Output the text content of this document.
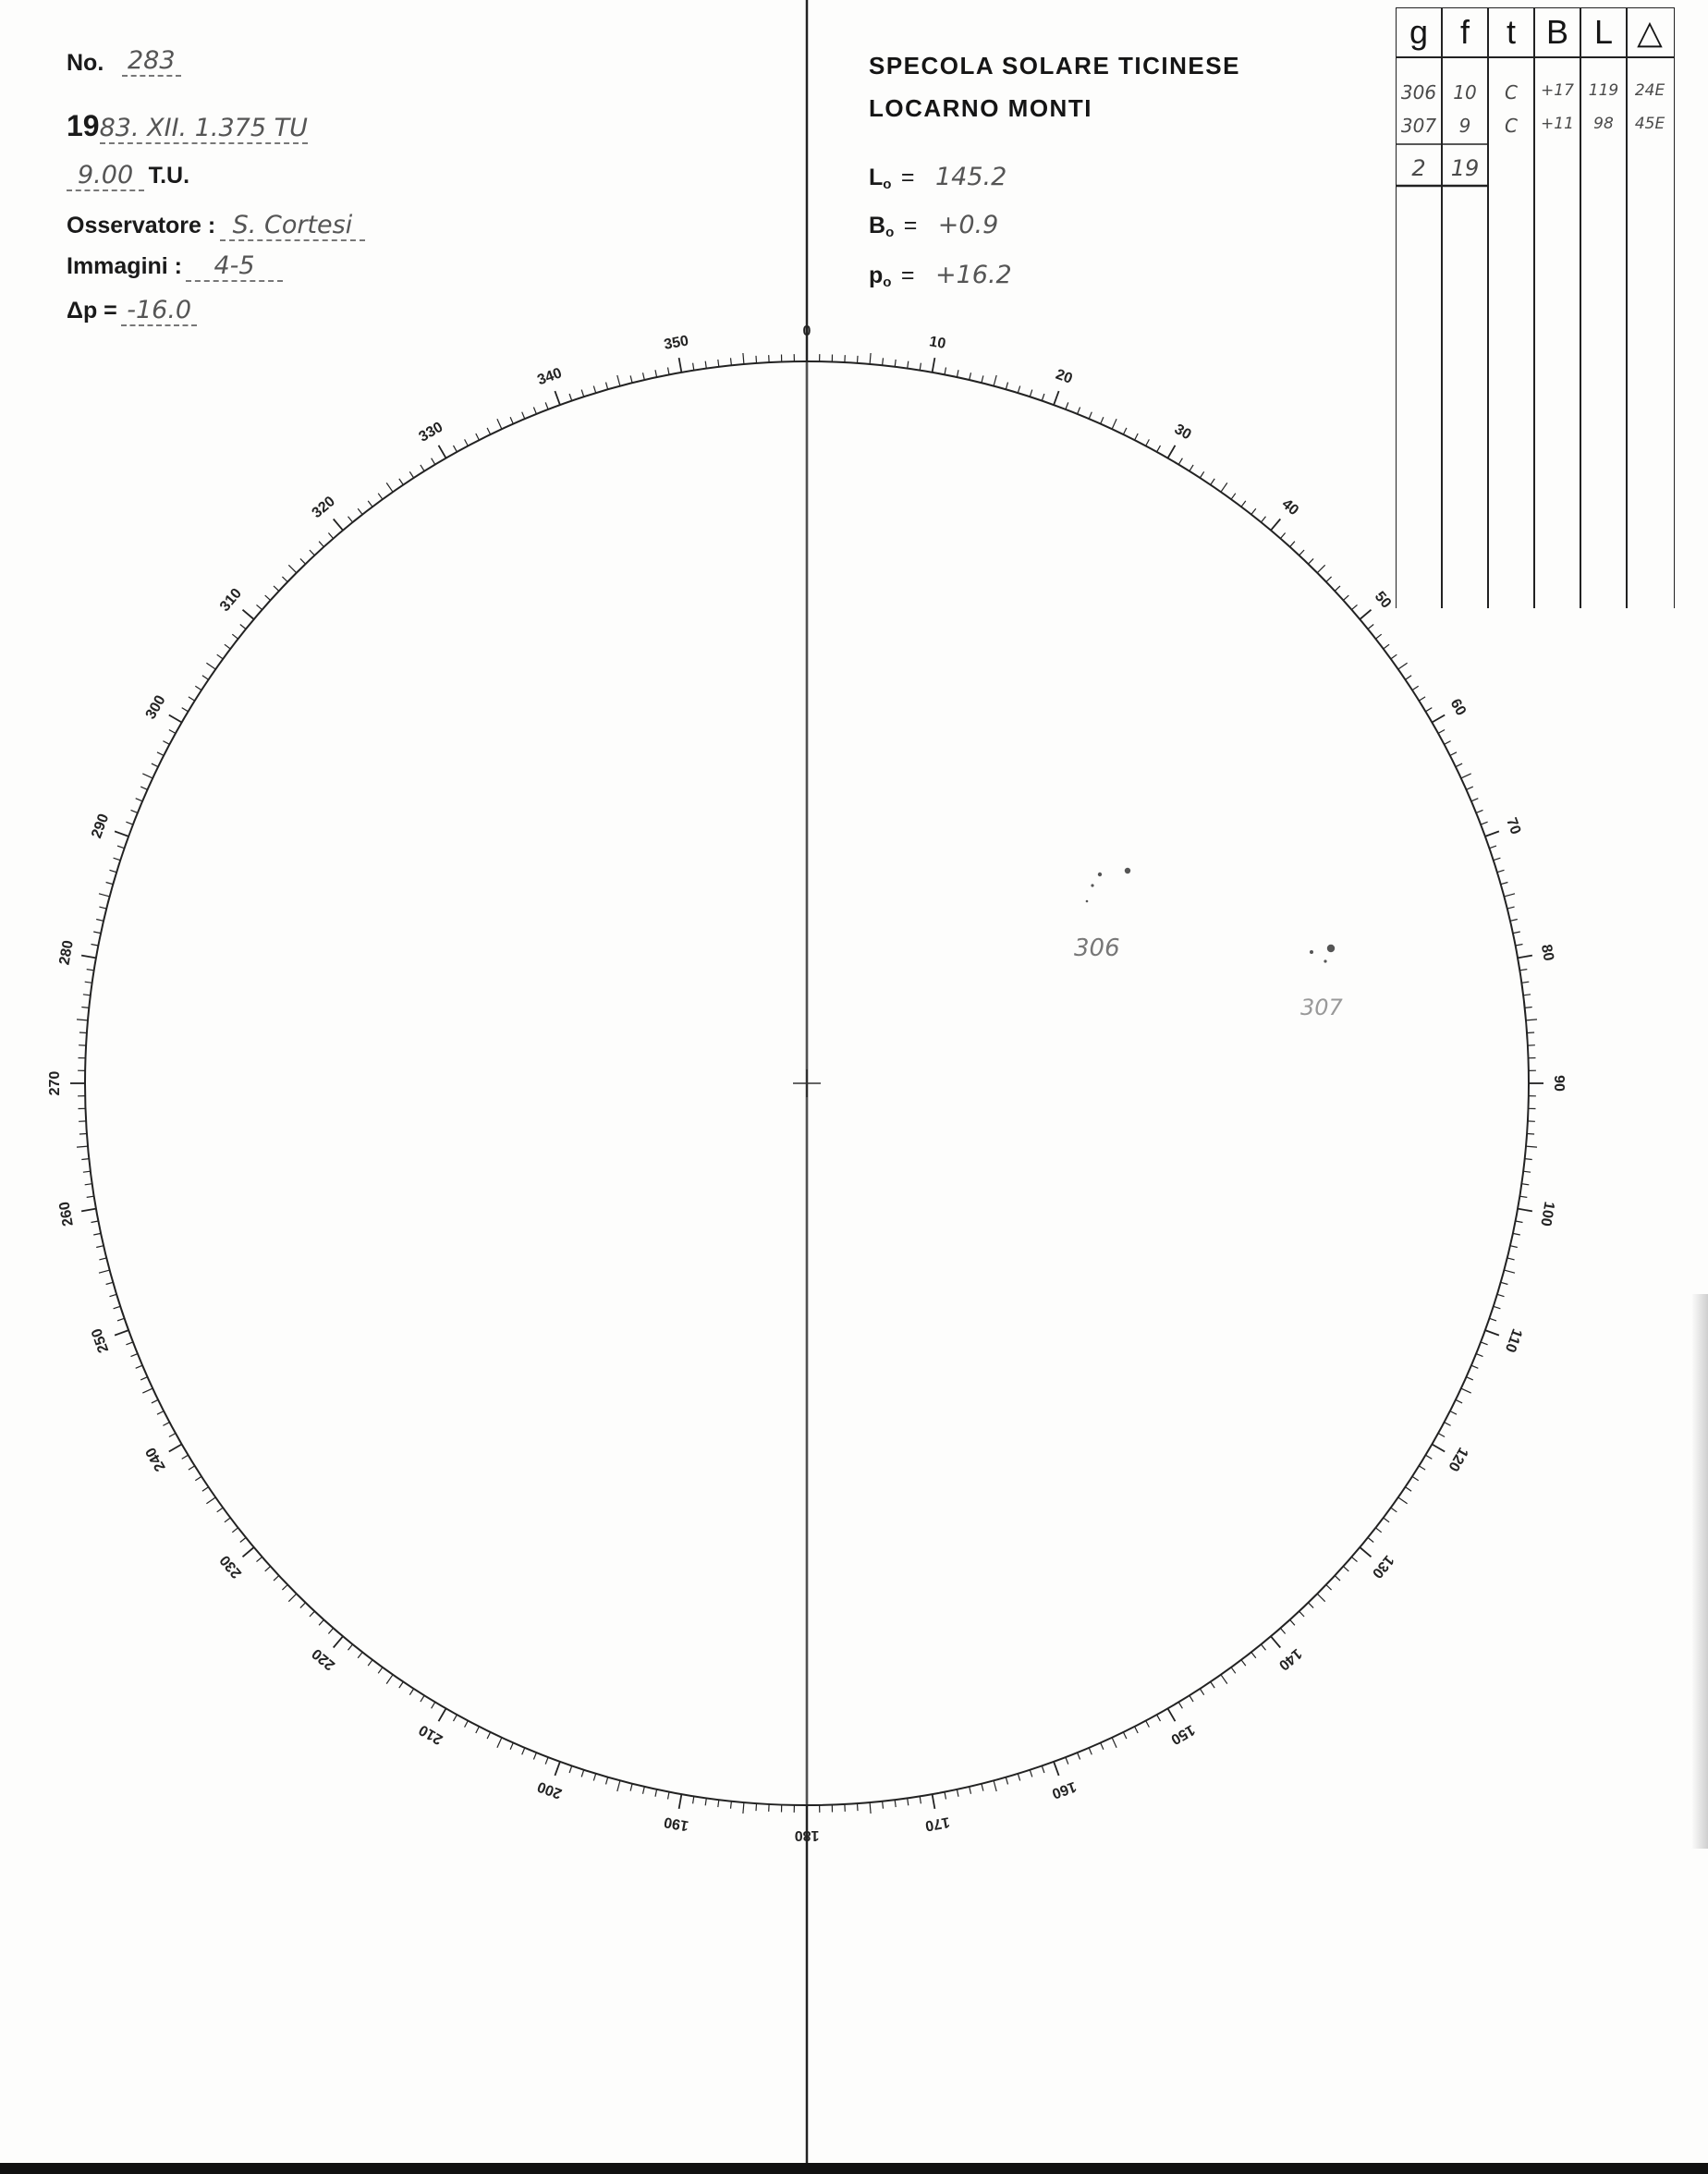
No. 283
1983. XII. 1.375 TU
9.00 T.U.
Osservatore : S. Cortesi
Immagini : 4-5
Δp = -16.0
SPECOLA SOLARE TICINESE
LOCARNO MONTI
Lo = 145.2
Bo = +0.9
po = +16.2
g f	t B L △
306 10	C	+17 119	24E
307	9	C	+11	98	45E
2	19
0
10
20
30
40
50
60
70
80
90
100
110
120
130
140
150
160
170
180
190
200
210
220
230
240
250
260
270
280
290
300
310
320
330
340
350
306
307
